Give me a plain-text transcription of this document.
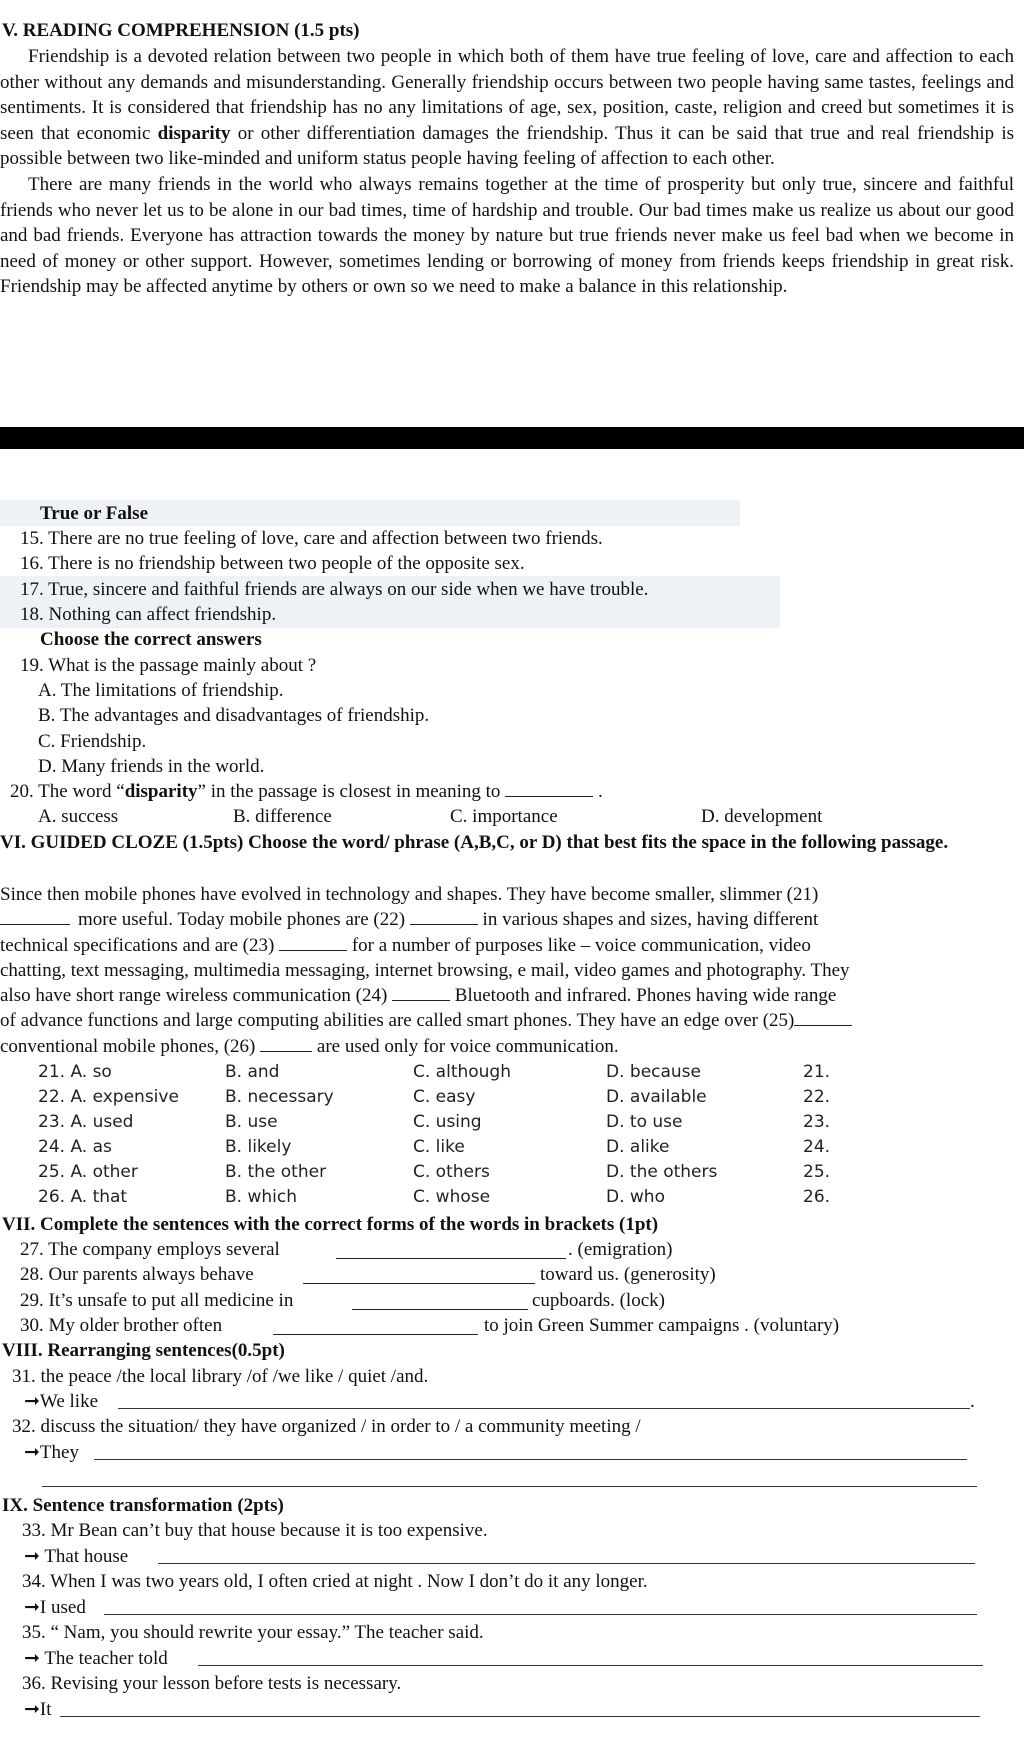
V. READING COMPREHENSION (1.5 pts)

Friendship is a devoted relation between two people in which both of them have true feeling of love, care and affection to each other without any demands and misunderstanding. Generally friendship occurs between two people having same tastes, feelings and sentiments. It is considered that friendship has no any limitations of age, sex, position, caste, religion and creed but sometimes it is seen that economic disparity or other differentiation damages the friendship. Thus it can be said that true and real friendship is possible between two like-minded and uniform status people having feeling of affection to each other.

There are many friends in the world who always remains together at the time of prosperity but only true, sincere and faithful friends who never let us to be alone in our bad times, time of hardship and trouble. Our bad times make us realize us about our good and bad friends. Everyone has attraction towards the money by nature but true friends never make us feel bad when we become in need of money or other support. However, sometimes lending or borrowing of money from friends keeps friendship in great risk. Friendship may be affected anytime by others or own so we need to make a balance in this relationship.

True or False
15. There are no true feeling of love, care and affection between two friends.
16. There is no friendship between two people of the opposite sex.
17. True, sincere and faithful friends are always on our side when we have trouble.
18. Nothing can affect friendship.
Choose the correct answers
19. What is the passage mainly about ?
A. The limitations of friendship.
B. The advantages and disadvantages of friendship.
C. Friendship.
D. Many friends in the world.
20. The word “disparity” in the passage is closest in meaning to	.
A. success	B. difference	C. importance	D. development
VI. GUIDED CLOZE (1.5pts) Choose the word/ phrase (A,B,C, or D) that best fits the space in the following passage.
Since then mobile phones have evolved in technology and shapes. They have become smaller, slimmer (21)
more useful. Today mobile phones are (22)	in various shapes and sizes, having different
technical specifications and are (23)	for a number of purposes like – voice communication, video
chatting, text messaging, multimedia messaging, internet browsing, e mail, video games and photography. They
also have short range wireless communication (24)	Bluetooth and infrared. Phones having wide range
of advance functions and large computing abilities are called smart phones. They have an edge over (25)
conventional mobile phones, (26)	are used only for voice communication.
21. A. so	B. and	C. although	D. because	21.
22. A. expensive	B. necessary	C. easy	D. available	22.
23. A. used	B. use	C. using	D. to use	23.
24. A. as	B. likely	C. like	D. alike	24.
25. A. other	B. the other	C. others	D. the others	25.
26. A. that	B. which	C. whose	D. who	26.
VII. Complete the sentences with the correct forms of the words in brackets (1pt)
27. The company employs several	. (emigration)
28. Our parents always behave	toward us. (generosity)
29. It’s unsafe to put all medicine in	cupboards. (lock)
30. My older brother often	to join Green Summer campaigns . (voluntary)
VIII. Rearranging sentences(0.5pt)
31. the peace /the local library /of /we like / quiet /and.
➞We like	.
32. discuss the situation/ they have organized / in order to / a community meeting /
➞They
IX. Sentence transformation (2pts)
33. Mr Bean can’t buy that house because it is too expensive.
➞ That house
34. When I was two years old, I often cried at night . Now I don’t do it any longer.
➞I used
35. “ Nam, you should rewrite your essay.” The teacher said.
➞ The teacher told
36. Revising your lesson before tests is necessary.
➞It
